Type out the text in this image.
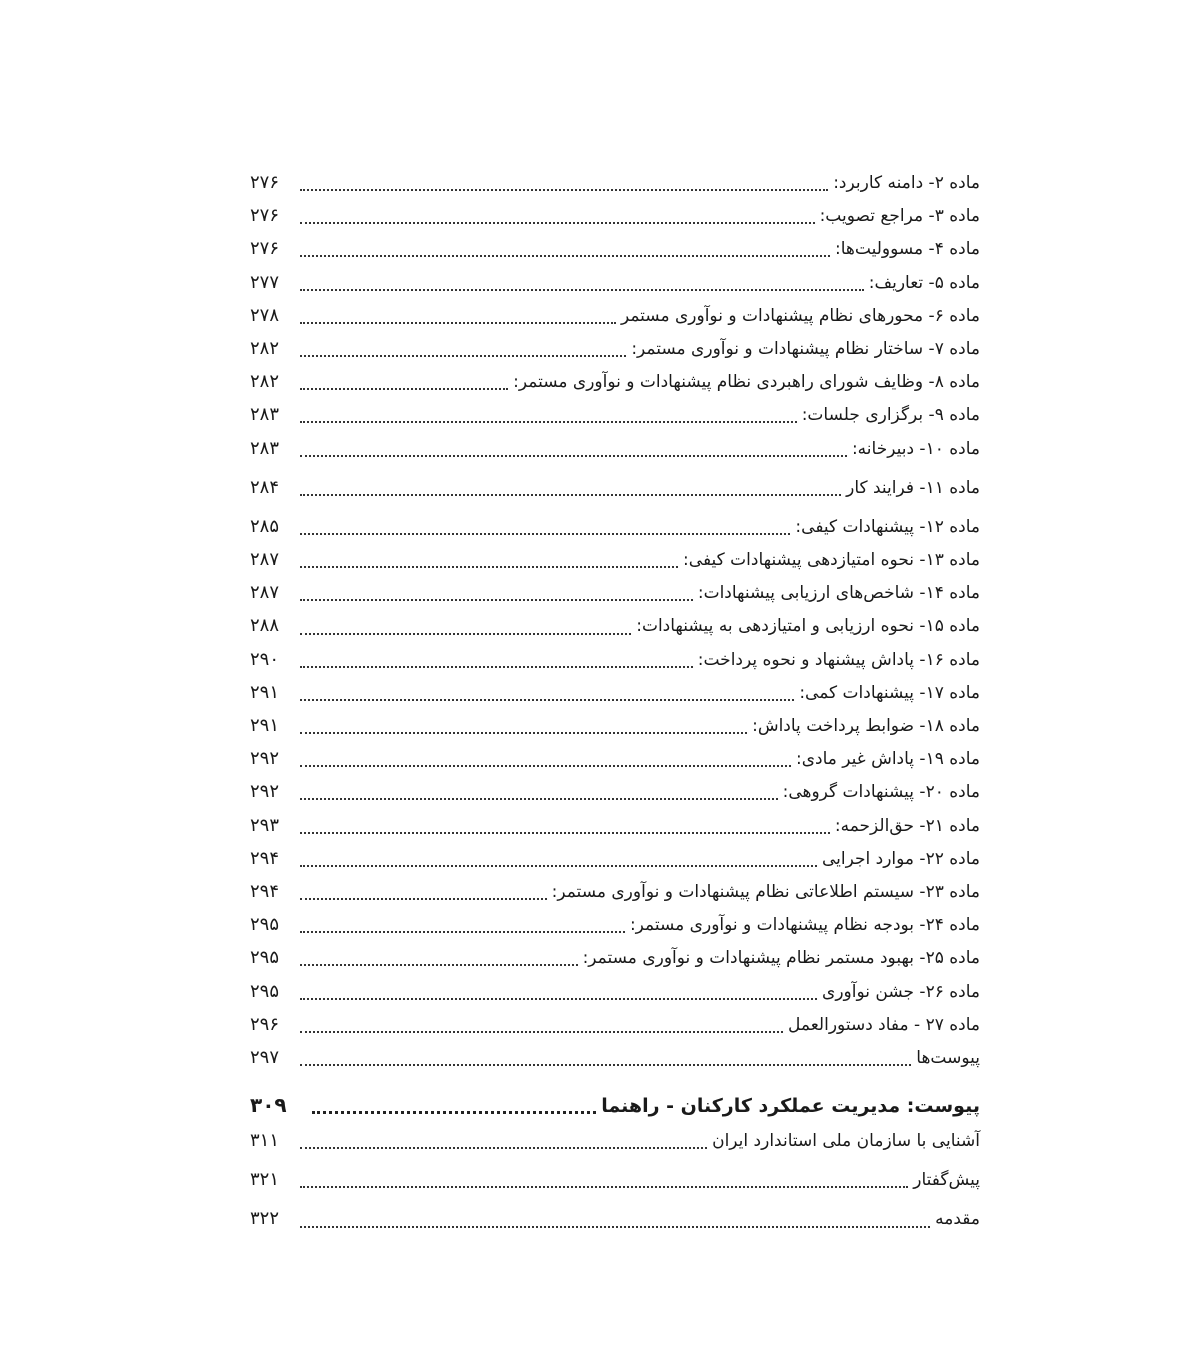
ماده ۲- دامنه کاربرد:
۲۷۶
ماده ۳- مراجع تصویب:
۲۷۶
ماده ۴- مسوولیت‌ها:
۲۷۶
ماده ۵- تعاریف:
۲۷۷
ماده ۶- محورهای نظام پیشنهادات و نوآوری مستمر
۲۷۸
ماده ۷- ساختار نظام پیشنهادات و نوآوری مستمر:
۲۸۲
ماده ۸- وظایف شورای راهبردی نظام پیشنهادات و نوآوری مستمر:
۲۸۲
ماده ۹- برگزاری جلسات:
۲۸۳
ماده ۱۰- دبیرخانه:
۲۸۳
ماده ۱۱- فرایند کار
۲۸۴
ماده ۱۲- پیشنهادات کیفی:
۲۸۵
ماده ۱۳- نحوه امتیازدهی پیشنهادات کیفی:
۲۸۷
ماده ۱۴- شاخص‌های ارزیابی پیشنهادات:
۲۸۷
ماده ۱۵- نحوه ارزیابی و امتیازدهی به پیشنهادات:
۲۸۸
ماده ۱۶- پاداش پیشنهاد و نحوه پرداخت:
۲۹۰
ماده ۱۷- پیشنهادات کمی:
۲۹۱
ماده ۱۸- ضوابط پرداخت پاداش:
۲۹۱
ماده ۱۹- پاداش غیر مادی:
۲۹۲
ماده ۲۰- پیشنهادات گروهی:
۲۹۲
ماده ۲۱- حق‌الزحمه:
۲۹۳
ماده ۲۲- موارد اجرایی
۲۹۴
ماده ۲۳- سیستم اطلاعاتی نظام پیشنهادات و نوآوری مستمر:
۲۹۴
ماده ۲۴- بودجه نظام پیشنهادات و نوآوری مستمر:
۲۹۵
ماده ۲۵- بهبود مستمر نظام پیشنهادات و نوآوری مستمر:
۲۹۵
ماده ۲۶- جشن نوآوری
۲۹۵
ماده ۲۷ - مفاد دستورالعمل
۲۹۶
پیوست‌ها
۲۹۷
پیوست: مدیریت عملکرد کارکنان - راهنما
۳۰۹
آشنایی با سازمان ملی استاندارد ایران
۳۱۱
پیش‌گفتار
۳۲۱
مقدمه
۳۲۲
